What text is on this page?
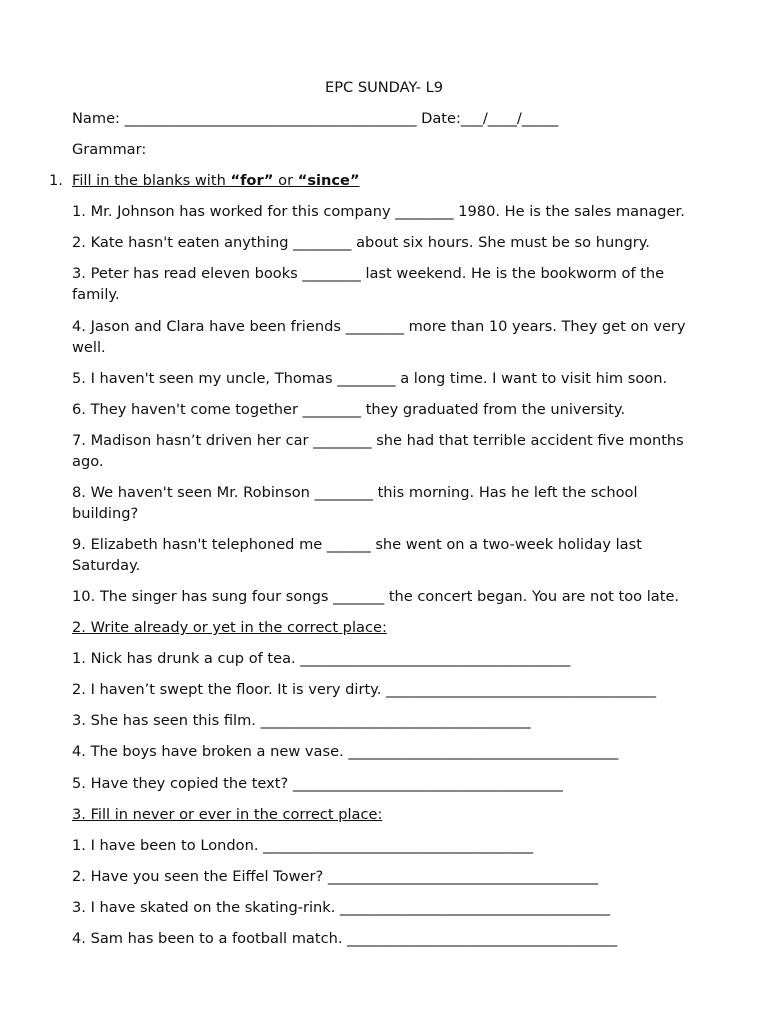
EPC SUNDAY- L9
Name: ________________________________________ Date:___/____/_____
Grammar:
1. Fill in the blanks with “for” or “since”
1. Mr. Johnson has worked for this company ________ 1980. He is the sales manager.
2. Kate hasn't eaten anything ________ about six hours. She must be so hungry.
3. Peter has read eleven books ________ last weekend. He is the bookworm of the family.
4. Jason and Clara have been friends ________ more than 10 years. They get on very well.
5. I haven't seen my uncle, Thomas ________ a long time. I want to visit him soon.
6. They haven't come together ________ they graduated from the university.
7. Madison hasn’t driven her car ________ she had that terrible accident five months ago.
8. We haven't seen Mr. Robinson ________ this morning. Has he left the school building?
9. Elizabeth hasn't telephoned me ______ she went on a two-week holiday last Saturday.
10. The singer has sung four songs _______ the concert began. You are not too late.
2. Write already or yet in the correct place:
1. Nick has drunk a cup of tea. _____________________________________
2. I haven’t swept the floor. It is very dirty. _____________________________________
3. She has seen this film. _____________________________________
4. The boys have broken a new vase. _____________________________________
5. Have they copied the text? _____________________________________
3. Fill in never or ever in the correct place:
1. I have been to London. _____________________________________
2. Have you seen the Eiffel Tower? _____________________________________
3. I have skated on the skating-rink. _____________________________________
4. Sam has been to a football match. _____________________________________
